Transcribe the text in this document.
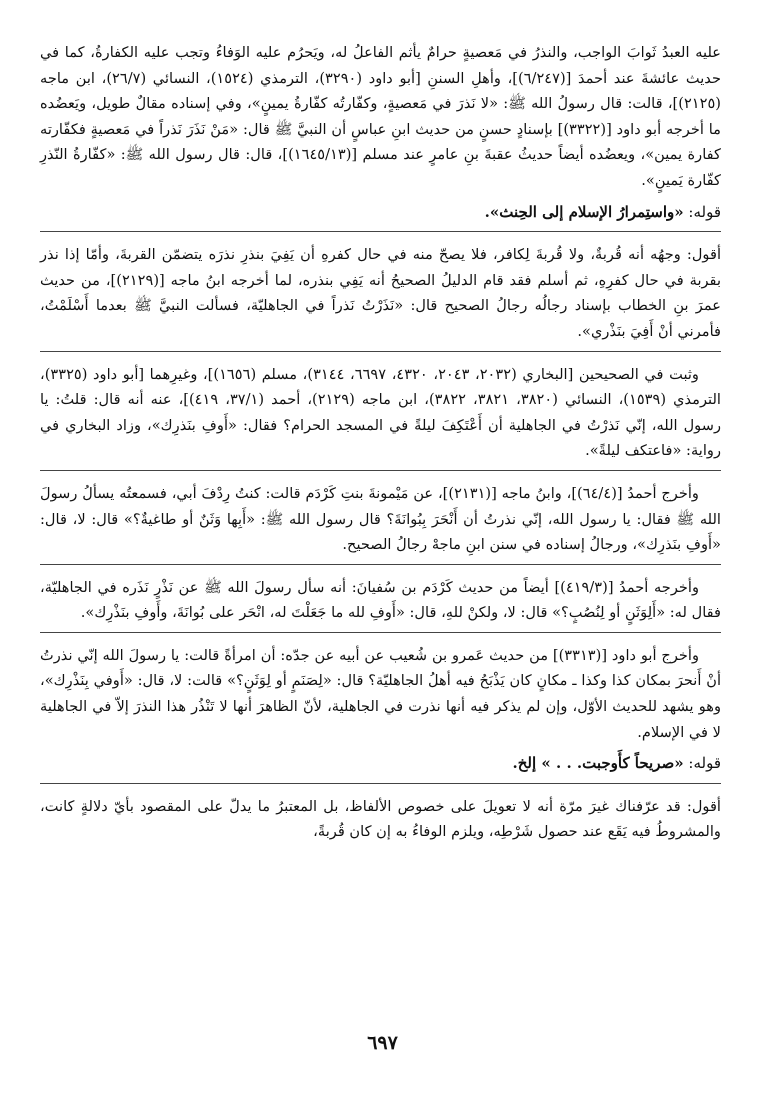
عليه العبدُ ثَوابَ الواجب، والنذرُ في مَعصيةٍ حرامٌ يأثم الفاعلُ له، ويَحرُم عليه الوَفاءُ وتجب عليه الكفارةُ، كما في حديث عائشةَ عند أحمدَ [(٦/٢٤٧)]، وأهلِ السننِ [أبو داود (٣٢٩٠)، الترمذي (١٥٢٤)، النسائي (٢٦/٧)، ابن ماجه (٢١٢٥)]، قالت: قال رسولُ الله ﷺ: «لا نَذرَ في مَعصيةٍ، وكفّارتُه كفّارةُ يمينٍ»، وفي إسناده مقالٌ طويل، ويَعضُده ما أخرجه أبو داود [(٣٣٢٢)] بإسنادٍ حسنٍ من حديث ابنِ عباسٍ أن النبيَّ ﷺ قال: «مَنْ نَذَرَ نَذراً في مَعصيةٍ فكفّارته كفارة يمين»، ويعضُده أيضاً حديثُ عقبةَ بنِ عامرٍ عند مسلم [(١٦٤٥/١٣)]، قال: قال رسول الله ﷺ: «كفّارةُ النّذرِ كفّارة يَمينٍ».

قوله: «واستِمرارُ الإسلام إلى الحِنث».

أقول: وجهُه أنه قُربةٌ، ولا قُربةَ لِكافر، فلا يصحّ منه في حال كفرهِ أن يَفِيَ بنذرِ نذرَه يتضمّن القربةَ، وأمّا إذا نذر بقربة في حال كفرِهِ، ثم أسلم فقد قام الدليلُ الصحيحُ أنه يَفِي بنذره، لما أخرجه ابنُ ماجه [(٢١٢٩)]، من حديث عمرَ بنِ الخطاب بإسناد رجالُه رجالُ الصحيح قال: «نَذَرْتُ نَذراً في الجاهليّة، فسألت النبيَّ ﷺ بعدما أَسْلَمْتُ، فأمرني أنْ أَفِيَ بنَذْري».

وثبت في الصحيحين [البخاري (٢٠٣٢، ٢٠٤٣، ٤٣٢٠، ٦٦٩٧، ٣١٤٤)، مسلم (١٦٥٦)]، وغيرِهما [أبو داود (٣٣٢٥)، الترمذي (١٥٣٩)، النسائي (٣٨٢٠، ٣٨٢١، ٣٨٢٢)، ابن ماجه (٢١٢٩)، أحمد (٣٧/١، ٤١٩)]، عنه أنه قال: قلتُ: يا رسول الله، إنّي نَذرْتُ في الجاهلية أن أَعْتَكِفَ ليلةً في المسجد الحرام؟ فقال: «أَوفِ بنَذرِك»، وزاد البخاري في رواية: «فاعتكف ليلةً».

وأخرج أحمدُ [(٦٤/٤)]، وابنُ ماجه [(٢١٣١)]، عن مَيْمونةَ بنتِ كَرْدَم قالت: كنتُ رِدْفَ أبي، فسمعتُه يسألُ رسولَ الله ﷺ فقال: يا رسول الله، إنّي نذرتُ أن أَنْحَرَ بِبُوانَةَ؟ قال رسول الله ﷺ: «أَبِها وَثَنٌ أو طاغيةٌ؟» قال: لا، قال: «أَوفِ بنَذرِك»، ورجالُ إسناده في سنن ابنِ ماجهْ رجالُ الصحيح.

وأخرجه أحمدُ [(٤١٩/٣)] أيضاً من حديث كَرْدَم بن سُفيانَ: أنه سأل رسولَ الله ﷺ عن نَذْرٍ نَذَره في الجاهليّة، فقال له: «أَلِوَثَنٍ أو لِنُصُبٍ؟» قال: لا، ولكنْ للهِ، قال: «أَوفِ لله ما جَعَلْتَ له، انْحَر على بُوانَةَ، وأَوفِ بنَذْرِك».

وأخرج أبو داود [(٣٣١٣)] من حديث عَمرو بن شُعيب عن أبيه عن جدّه: أن امرأةً قالت: يا رسولَ الله إنّي نذرتُ أنْ أَنحرَ بمكان كذا وكذا ـ مكانٍ كان يَذْبَحُ فيه أهلُ الجاهليّة؟ قال: «لِصَنَمٍ أو لِوَثَنٍ؟» قالت: لا، قال: «أَوفي بِنَذْرِك»، وهو يشهد للحديث الأوّل، وإن لم يذكر فيه أنها نذرت في الجاهلية، لأنّ الظاهرَ أنها لا تَنْذُر هذا النذرَ إلاّ في الجاهلية لا في الإسلام.

قوله: «صريحاً كأَوجبت. . . » إلخ.

أقول: قد عرّفناك غيرَ مرّة أنه لا تعويلَ على خصوص الألفاظ، بل المعتبرُ ما يدلّ على المقصود بأيّ دلالةٍ كانت، والمشروطُ فيه يَقَع عند حصول شَرْطِه، ويلزم الوفاءُ به إن كان قُربةً،

٦٩٧
